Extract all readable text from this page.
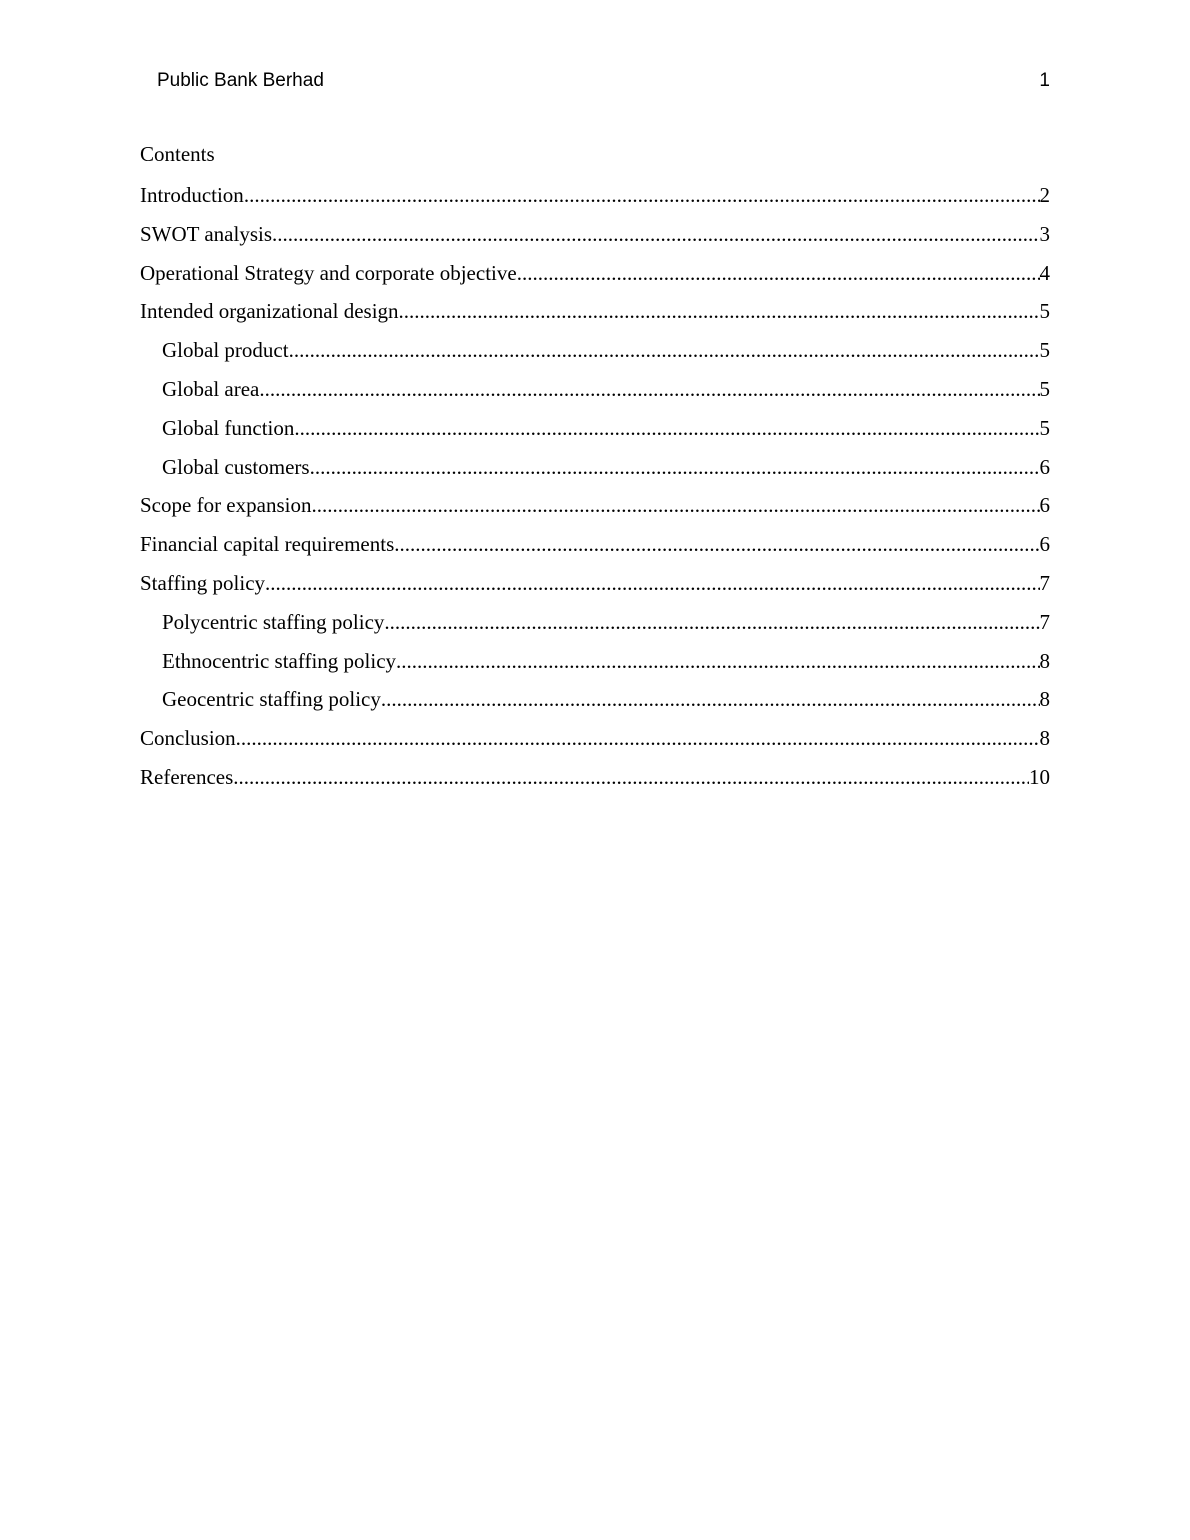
Public Bank Berhad	1
Contents
Introduction .....	2
SWOT analysis .....	3
Operational Strategy and corporate objective .....	4
Intended organizational design .....	5
Global product .....	5
Global area .....	5
Global function .....	5
Global customers .....	6
Scope for expansion .....	6
Financial capital requirements .....	6
Staffing policy .....	7
Polycentric staffing policy .....	7
Ethnocentric staffing policy .....	8
Geocentric staffing policy .....	8
Conclusion .....	8
References .....	10
